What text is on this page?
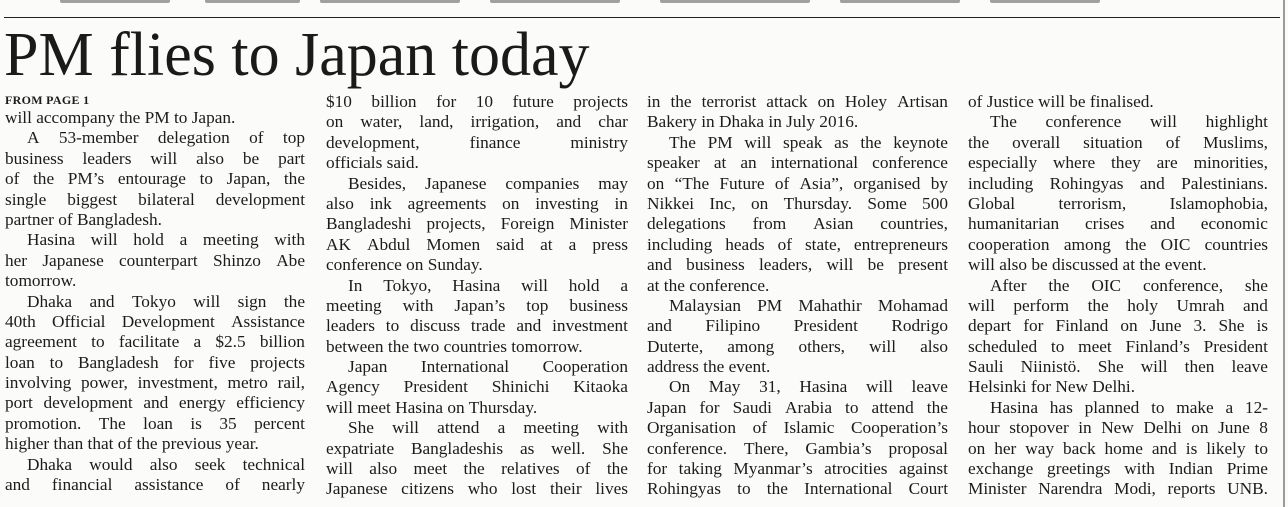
PM flies to Japan today
FROM PAGE 1
will accompany the PM to Japan.
A 53-member delegation of top
business leaders will also be part
of the PM’s entourage to Japan, the
single biggest bilateral development
partner of Bangladesh.
Hasina will hold a meeting with
her Japanese counterpart Shinzo Abe
tomorrow.
Dhaka and Tokyo will sign the
40th Official Development Assistance
agreement to facilitate a $2.5 billion
loan to Bangladesh for five projects
involving power, investment, metro rail,
port development and energy efficiency
promotion. The loan is 35 percent
higher than that of the previous year.
Dhaka would also seek technical
and financial assistance of nearly
$10 billion for 10 future projects
on water, land, irrigation, and char
development,	finance	ministry
officials said.
Besides, Japanese companies may
also ink agreements on investing in
Bangladeshi projects, Foreign Minister
AK Abdul Momen said at a press
conference on Sunday.
In Tokyo, Hasina will hold a
meeting with Japan’s top business
leaders to discuss trade and investment
between the two countries tomorrow.
Japan International Cooperation
Agency President Shinichi Kitaoka
will meet Hasina on Thursday.
She will attend a meeting with
expatriate Bangladeshis as well. She
will also meet the relatives of the
Japanese citizens who lost their lives
in the terrorist attack on Holey Artisan
Bakery in Dhaka in July 2016.
The PM will speak as the keynote
speaker at an international conference
on “The Future of Asia”, organised by
Nikkei Inc, on Thursday. Some 500
delegations from Asian countries,
including heads of state, entrepreneurs
and business leaders, will be present
at the conference.
Malaysian PM Mahathir Mohamad
and Filipino President Rodrigo
Duterte, among others, will also
address the event.
On May 31, Hasina will leave
Japan for Saudi Arabia to attend the
Organisation of Islamic Cooperation’s
conference. There, Gambia’s proposal
for taking Myanmar’s atrocities against
Rohingyas to the International Court
of Justice will be finalised.
The conference will highlight
the overall situation of Muslims,
especially where they are minorities,
including Rohingyas and Palestinians.
Global	terrorism,	Islamophobia,
humanitarian crises and economic
cooperation among the OIC countries
will also be discussed at the event.
After the OIC conference, she
will perform the holy Umrah and
depart for Finland on June 3. She is
scheduled to meet Finland’s President
Sauli Niinistö. She will then leave
Helsinki for New Delhi.
Hasina has planned to make a 12-
hour stopover in New Delhi on June 8
on her way back home and is likely to
exchange greetings with Indian Prime
Minister Narendra Modi, reports UNB.
